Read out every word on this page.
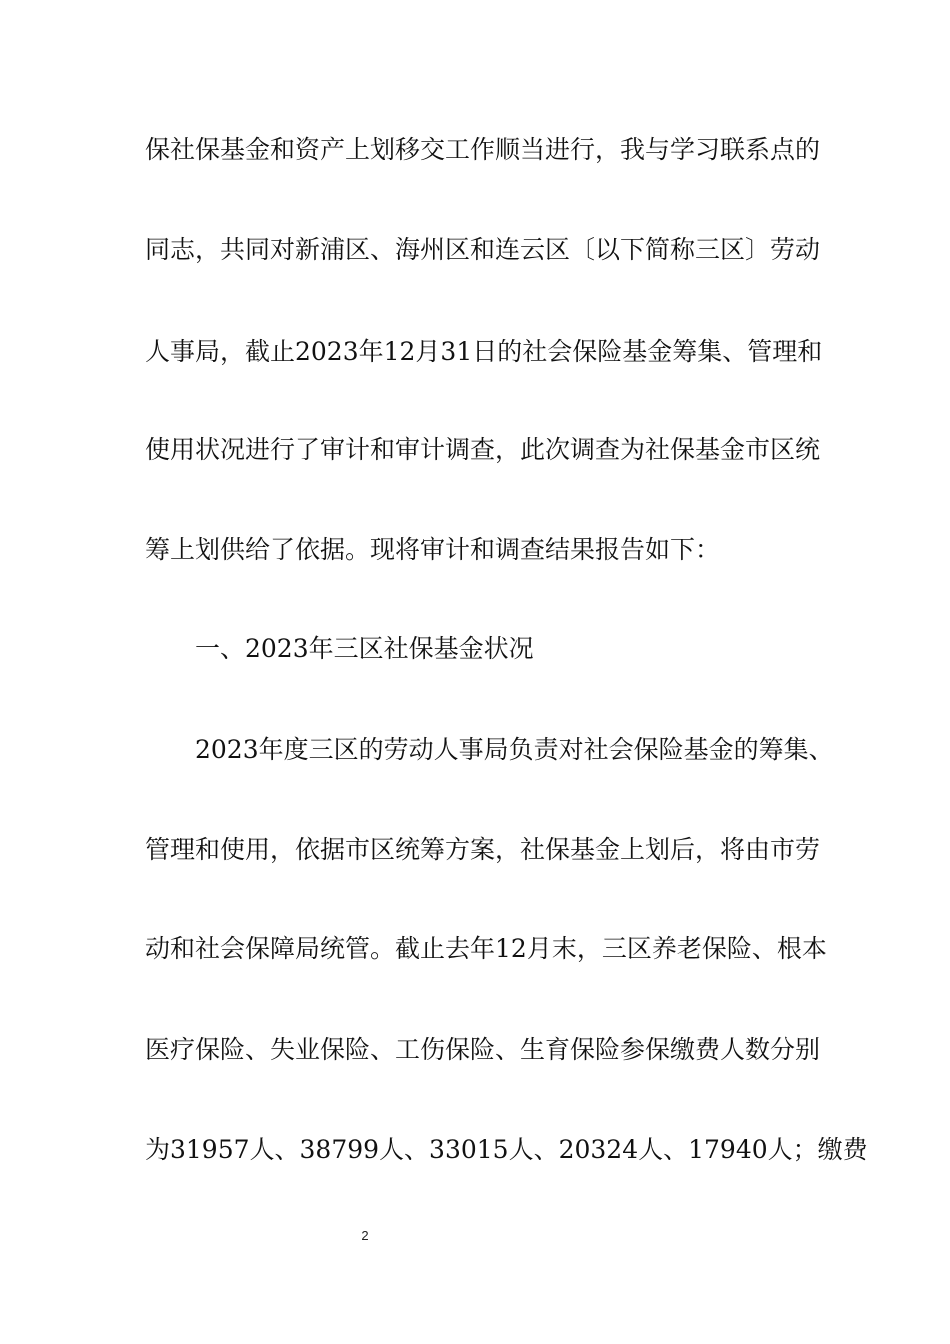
保社保基金和资产上划移交工作顺当进行，我与学习联系点的
同志，共同对新浦区、海州区和连云区〔以下简称三区〕劳动
人事局，截止2023年12月31日的社会保险基金筹集、管理和
使用状况进行了审计和审计调查，此次调查为社保基金市区统
筹上划供给了依据。现将审计和调查结果报告如下：
一、2023年三区社保基金状况
2023年度三区的劳动人事局负责对社会保险基金的筹集、
管理和使用，依据市区统筹方案，社保基金上划后，将由市劳
动和社会保障局统管。截止去年12月末，三区养老保险、根本
医疗保险、失业保险、工伤保险、生育保险参保缴费人数分别
为31957人、38799人、33015人、20324人、17940人；缴费
2
